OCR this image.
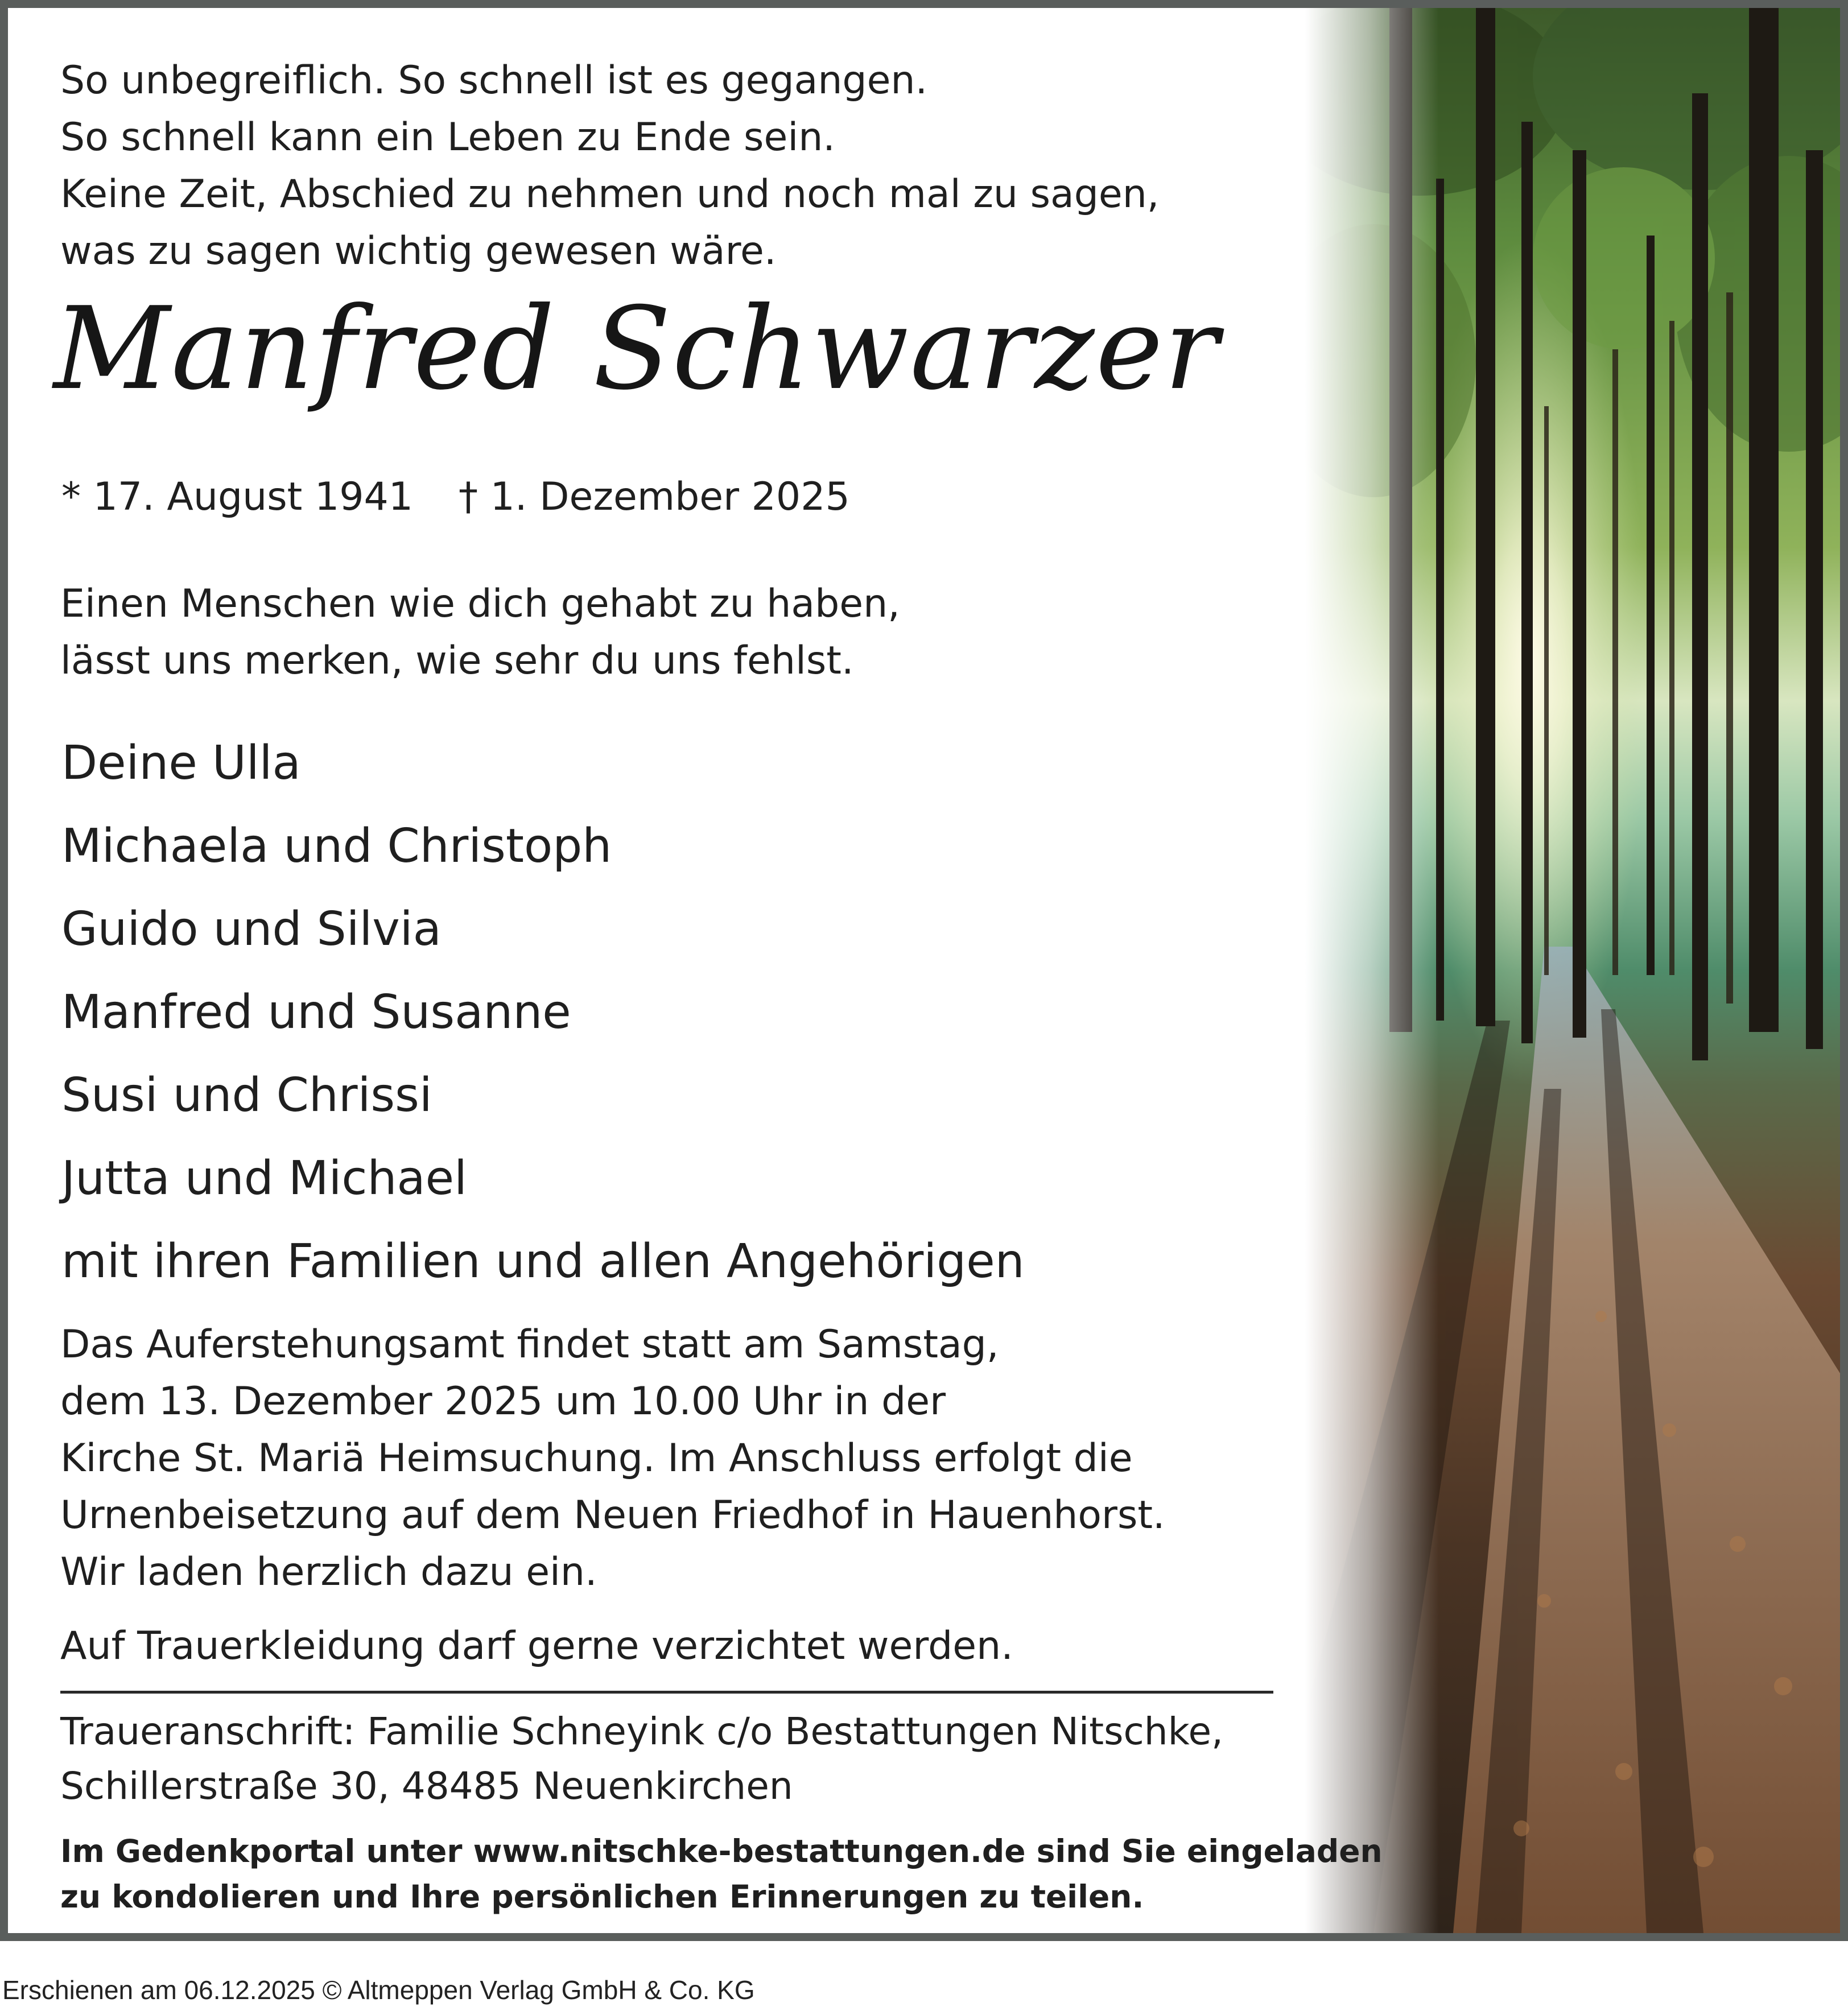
So unbegreiflich. So schnell ist es gegangen.
So schnell kann ein Leben zu Ende sein.
Keine Zeit, Abschied zu nehmen und noch mal zu sagen,
was zu sagen wichtig gewesen wäre.
Manfred Schwarzer
* 17. August 1941 † 1. Dezember 2025
Einen Menschen wie dich gehabt zu haben,
lässt uns merken, wie sehr du uns fehlst.
Deine Ulla
Michaela und Christoph
Guido und Silvia
Manfred und Susanne
Susi und Chrissi
Jutta und Michael
mit ihren Familien und allen Angehörigen
Das Auferstehungsamt findet statt am Samstag,
dem 13. Dezember 2025 um 10.00 Uhr in der
Kirche St. Mariä Heimsuchung. Im Anschluss erfolgt die
Urnenbeisetzung auf dem Neuen Friedhof in Hauenhorst.
Wir laden herzlich dazu ein.
Auf Trauerkleidung darf gerne verzichtet werden.
Traueranschrift: Familie Schneyink c/o Bestattungen Nitschke,
Schillerstraße 30, 48485 Neuenkirchen
Im Gedenkportal unter www.nitschke-bestattungen.de sind Sie eingeladen
zu kondolieren und Ihre persönlichen Erinnerungen zu teilen.
Erschienen am 06.12.2025 © Altmeppen Verlag GmbH & Co. KG
